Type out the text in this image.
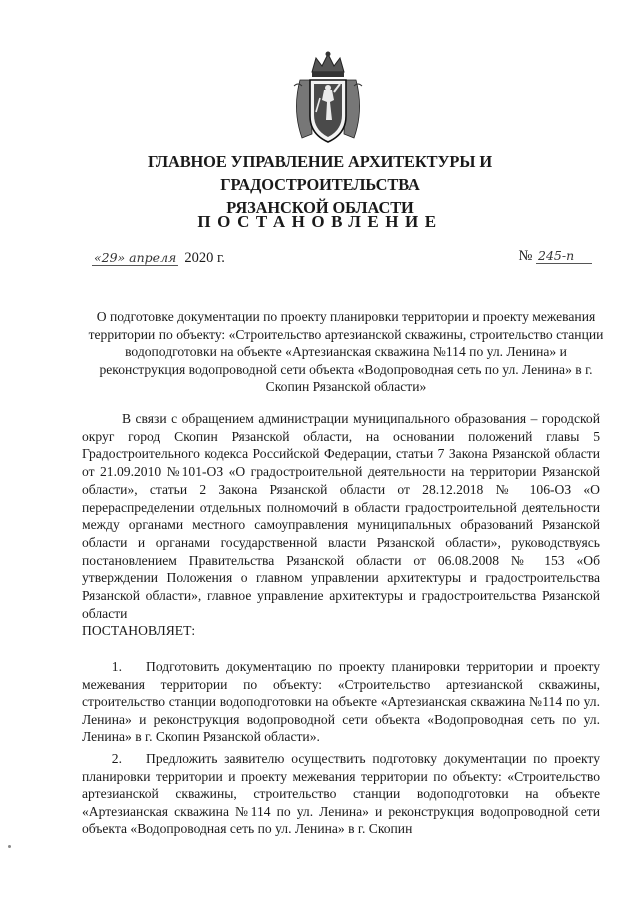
ГЛАВНОЕ УПРАВЛЕНИЕ АРХИТЕКТУРЫ И ГРАДОСТРОИТЕЛЬСТВА
РЯЗАНСКОЙ ОБЛАСТИ
ПОСТАНОВЛЕНИЕ
«29» апреля 2020 г.	№ 245-п
О подготовке документации по проекту планировки территории и проекту межевания территории по объекту: «Строительство артезианской скважины, строительство станции водоподготовки на объекте «Артезианская скважина №114 по ул. Ленина» и реконструкция водопроводной сети объекта «Водопроводная сеть по ул. Ленина» в г. Скопин Рязанской области»
В связи с обращением администрации муниципального образования – городской округ город Скопин Рязанской области, на основании положений главы 5 Градостроительного кодекса Российской Федерации, статьи 7 Закона Рязанской области от 21.09.2010 №101-ОЗ «О градостроительной деятельности на территории Рязанской области», статьи 2 Закона Рязанской области от 28.12.2018 № 106-ОЗ «О перераспределении отдельных полномочий в области градостроительной деятельности между органами местного самоуправления муниципальных образований Рязанской области и органами государственной власти Рязанской области», руководствуясь постановлением Правительства Рязанской области от 06.08.2008 № 153 «Об утверждении Положения о главном управлении архитектуры и градостроительства Рязанской области», главное управление архитектуры и градостроительства Рязанской области
ПОСТАНОВЛЯЕТ:
1. Подготовить документацию по проекту планировки территории и проекту межевания территории по объекту: «Строительство артезианской скважины, строительство станции водоподготовки на объекте «Артезианская скважина №114 по ул. Ленина» и реконструкция водопроводной сети объекта «Водопроводная сеть по ул. Ленина» в г. Скопин Рязанской области».
2. Предложить заявителю осуществить подготовку документации по проекту планировки территории и проекту межевания территории по объекту: «Строительство артезианской скважины, строительство станции водоподготовки на объекте «Артезианская скважина №114 по ул. Ленина» и реконструкция водопроводной сети объекта «Водопроводная сеть по ул. Ленина» в г. Скопин
